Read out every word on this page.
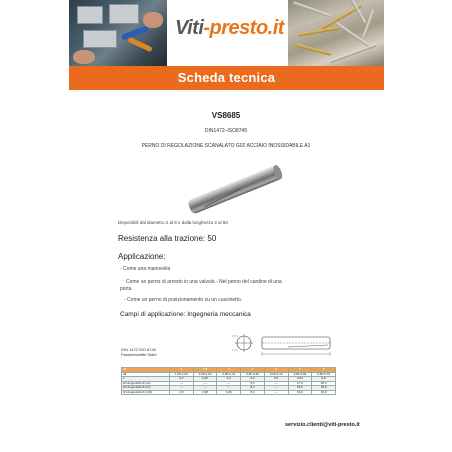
Viti-presto.it
Scheda tecnica
VS8685
DIN1472–ISO8745
PERNO DI REGOLAZIONE SCANALATO G02 ACCIAIO INOSSIDABILE A1
Disponibili dal diametro 2 al 8 e dalla lunghezza 3 al 60
Resistenza alla trazione: 50
Applicazione:
- Come una manovella
Come un perno di arresto in una valvola - Nel perno del cardine di una
porta
- Come un perno di posizionamento su un cuscinetto.
Campi di applicazione: Ingegneria meccanica
DIN 1472 ISO 8745
Passkerbstifte Stahl
d1	2	2,5	3	4	5	6	8
d2	1,60-1,63	2,00-2,03	2,50-2,73	3,30-3,45	4,05-4,15	4,90-5,00	6,50-6,70
c	0,2	0,25	0,3	0,4	0,5	0,63	0,8
kN doppelschub (1x)	—	—	—	5,4	—	17,6	25,4
kN doppelschub (1x)	—	—	—	8,4	—	18,6	30,8
kN doppelschub (1x6)	1,5	2,98	4,26	8,4	—	19,0	33,0
servizio.clienti@viti-presto.it
